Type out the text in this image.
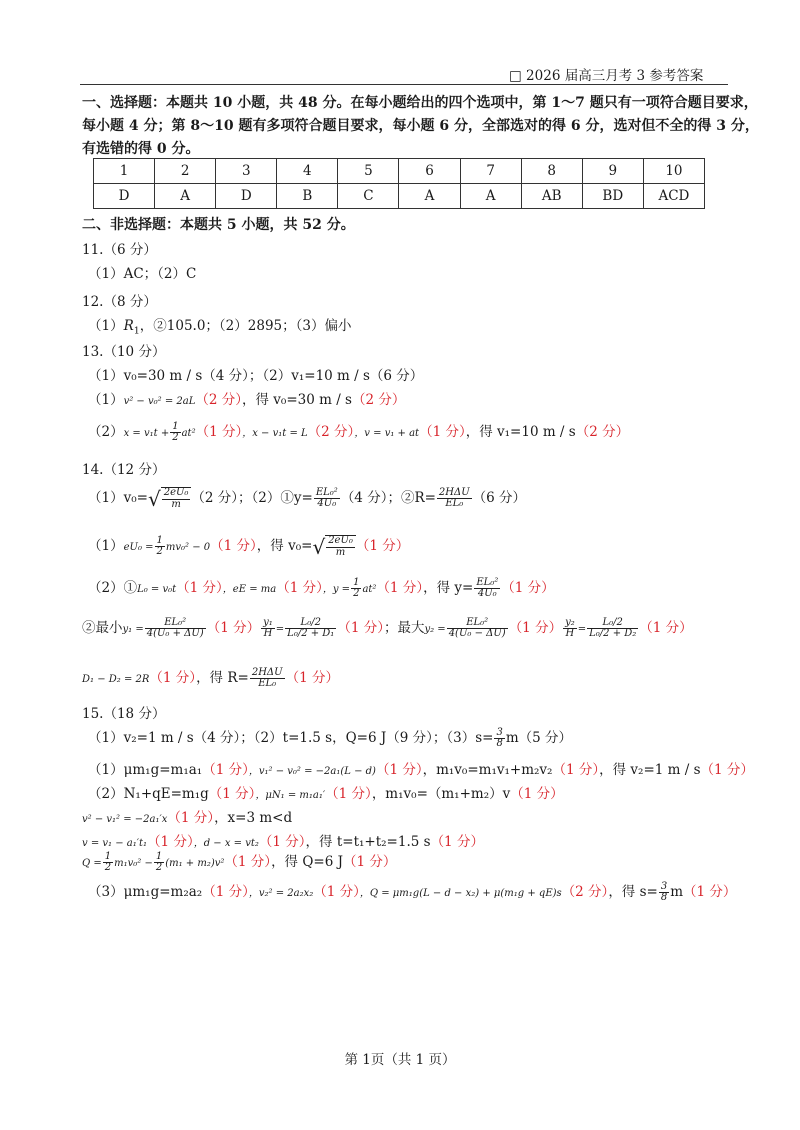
□ 2026 届高三月考 3 参考答案
一、选择题：本题共 10 小题，共 48 分。在每小题给出的四个选项中，第 1～7 题只有一项符合题目要求，
每小题 4 分；第 8～10 题有多项符合题目要求，每小题 6 分，全部选对的得 6 分，选对但不全的得 3 分，
有选错的得 0 分。
1	2	3	4	5	6	7	8	9	10
D	A	D	B	C	A	A	AB	BD	ACD
二、非选择题：本题共 5 小题，共 52 分。
11.（6 分）
（1）AC；（2）C
12.（8 分）
$(1)R_1$，②105.0；（2）2895；（3）偏小
13.（10 分）
（1）v₀=30 m / s（4 分）；（2）v₁=10 m / s（6 分）
（1）v² − v₀² = 2aL（2 分），得 v₀=30 m / s（2 分）
$(2)x = v_1t + \frac{1}{2} at^2(1$ 分），x − v₁t = L（2 分），v = v₁ + at（1 分），得 v₁=10 m / s（2 分）
14.（12 分）
$(1)v_0=√ \frac{\text{2eU₀}}{m} (2$ 分）；（2）①y= $\frac{\text{EL₀²}}{\text{4U₀}} (4$ 分）；②R= $\frac{\text{2HΔU}}{\text{EL₀}} (6$ 分）
$(1)eU_0 = \frac{1}{2} mv_0^2 - 0(1$ 分），得 $v_0=√ \frac{\text{2eU₀}}{m} (1$ 分）
（2）①L₀ = v₀t（1 分），eE = ma（1 分），$y = \frac{1}{2} at^2(1$ 分），得 $y= \frac{\text{EL₀²}}{\text{4U₀}} (1$ 分）
②最小$y_1 = \frac{\text{EL₀²}}{\text{4(U₀ + ΔU)}} (1$ 分） $\frac{\text{y₁}}{H} = \frac{\text{L₀/2}}{\text{L₀/2 + D₁}} (1$ 分）；最大$y_2 = \frac{\text{EL₀²}}{\text{4(U₀ − ΔU)}} (1$ 分） $\frac{\text{y₂}}{H} = \frac{\text{L₀/2}}{\text{L₀/2 + D₂}} (1$ 分）
D₁ − D₂ = 2R（1 分），得 $R= \frac{\text{2HΔU}}{\text{EL₀}} (1$ 分）
15.（18 分）
（1）v₂=1 m / s（4 分）；（2）t=1.5 s，Q=6 J（9 分）；$(3)s= \frac{3}{8} m(5$ 分）
（1）μm₁g=m₁a₁（1 分），v₁² − v₀² = −2a₁(L − d)（1 分），m₁v₀=m₁v₁+m₂v₂（1 分），得 v₂=1 m / s（1 分）
（2）N₁+qE=m₁g（1 分），μN₁ = m₁a₁′（1 分），m₁v₀=（m₁+m₂）v（1 分）
v² − v₁² = −2a₁′x（1 分），x=3 m<d
v = v₁ − a₁′t₁（1 分），d − x = vt₂（1 分），得 t=t₁+t₂=1.5 s（1 分）
$Q = \frac{1}{2} m_1v_0^2 - \frac{1}{2} (m_1 + m_2)v^2(1$ 分），得 Q=6 J（1 分）
（3）μm₁g=m₂a₂（1 分），v₂² = 2a₂x₂（1 分），Q = μm₁g(L − d − x₂) + μ(m₁g + qE)s（2 分），得 $s= \frac{3}{8} m(1$ 分）
第 1页（共 1 页）
